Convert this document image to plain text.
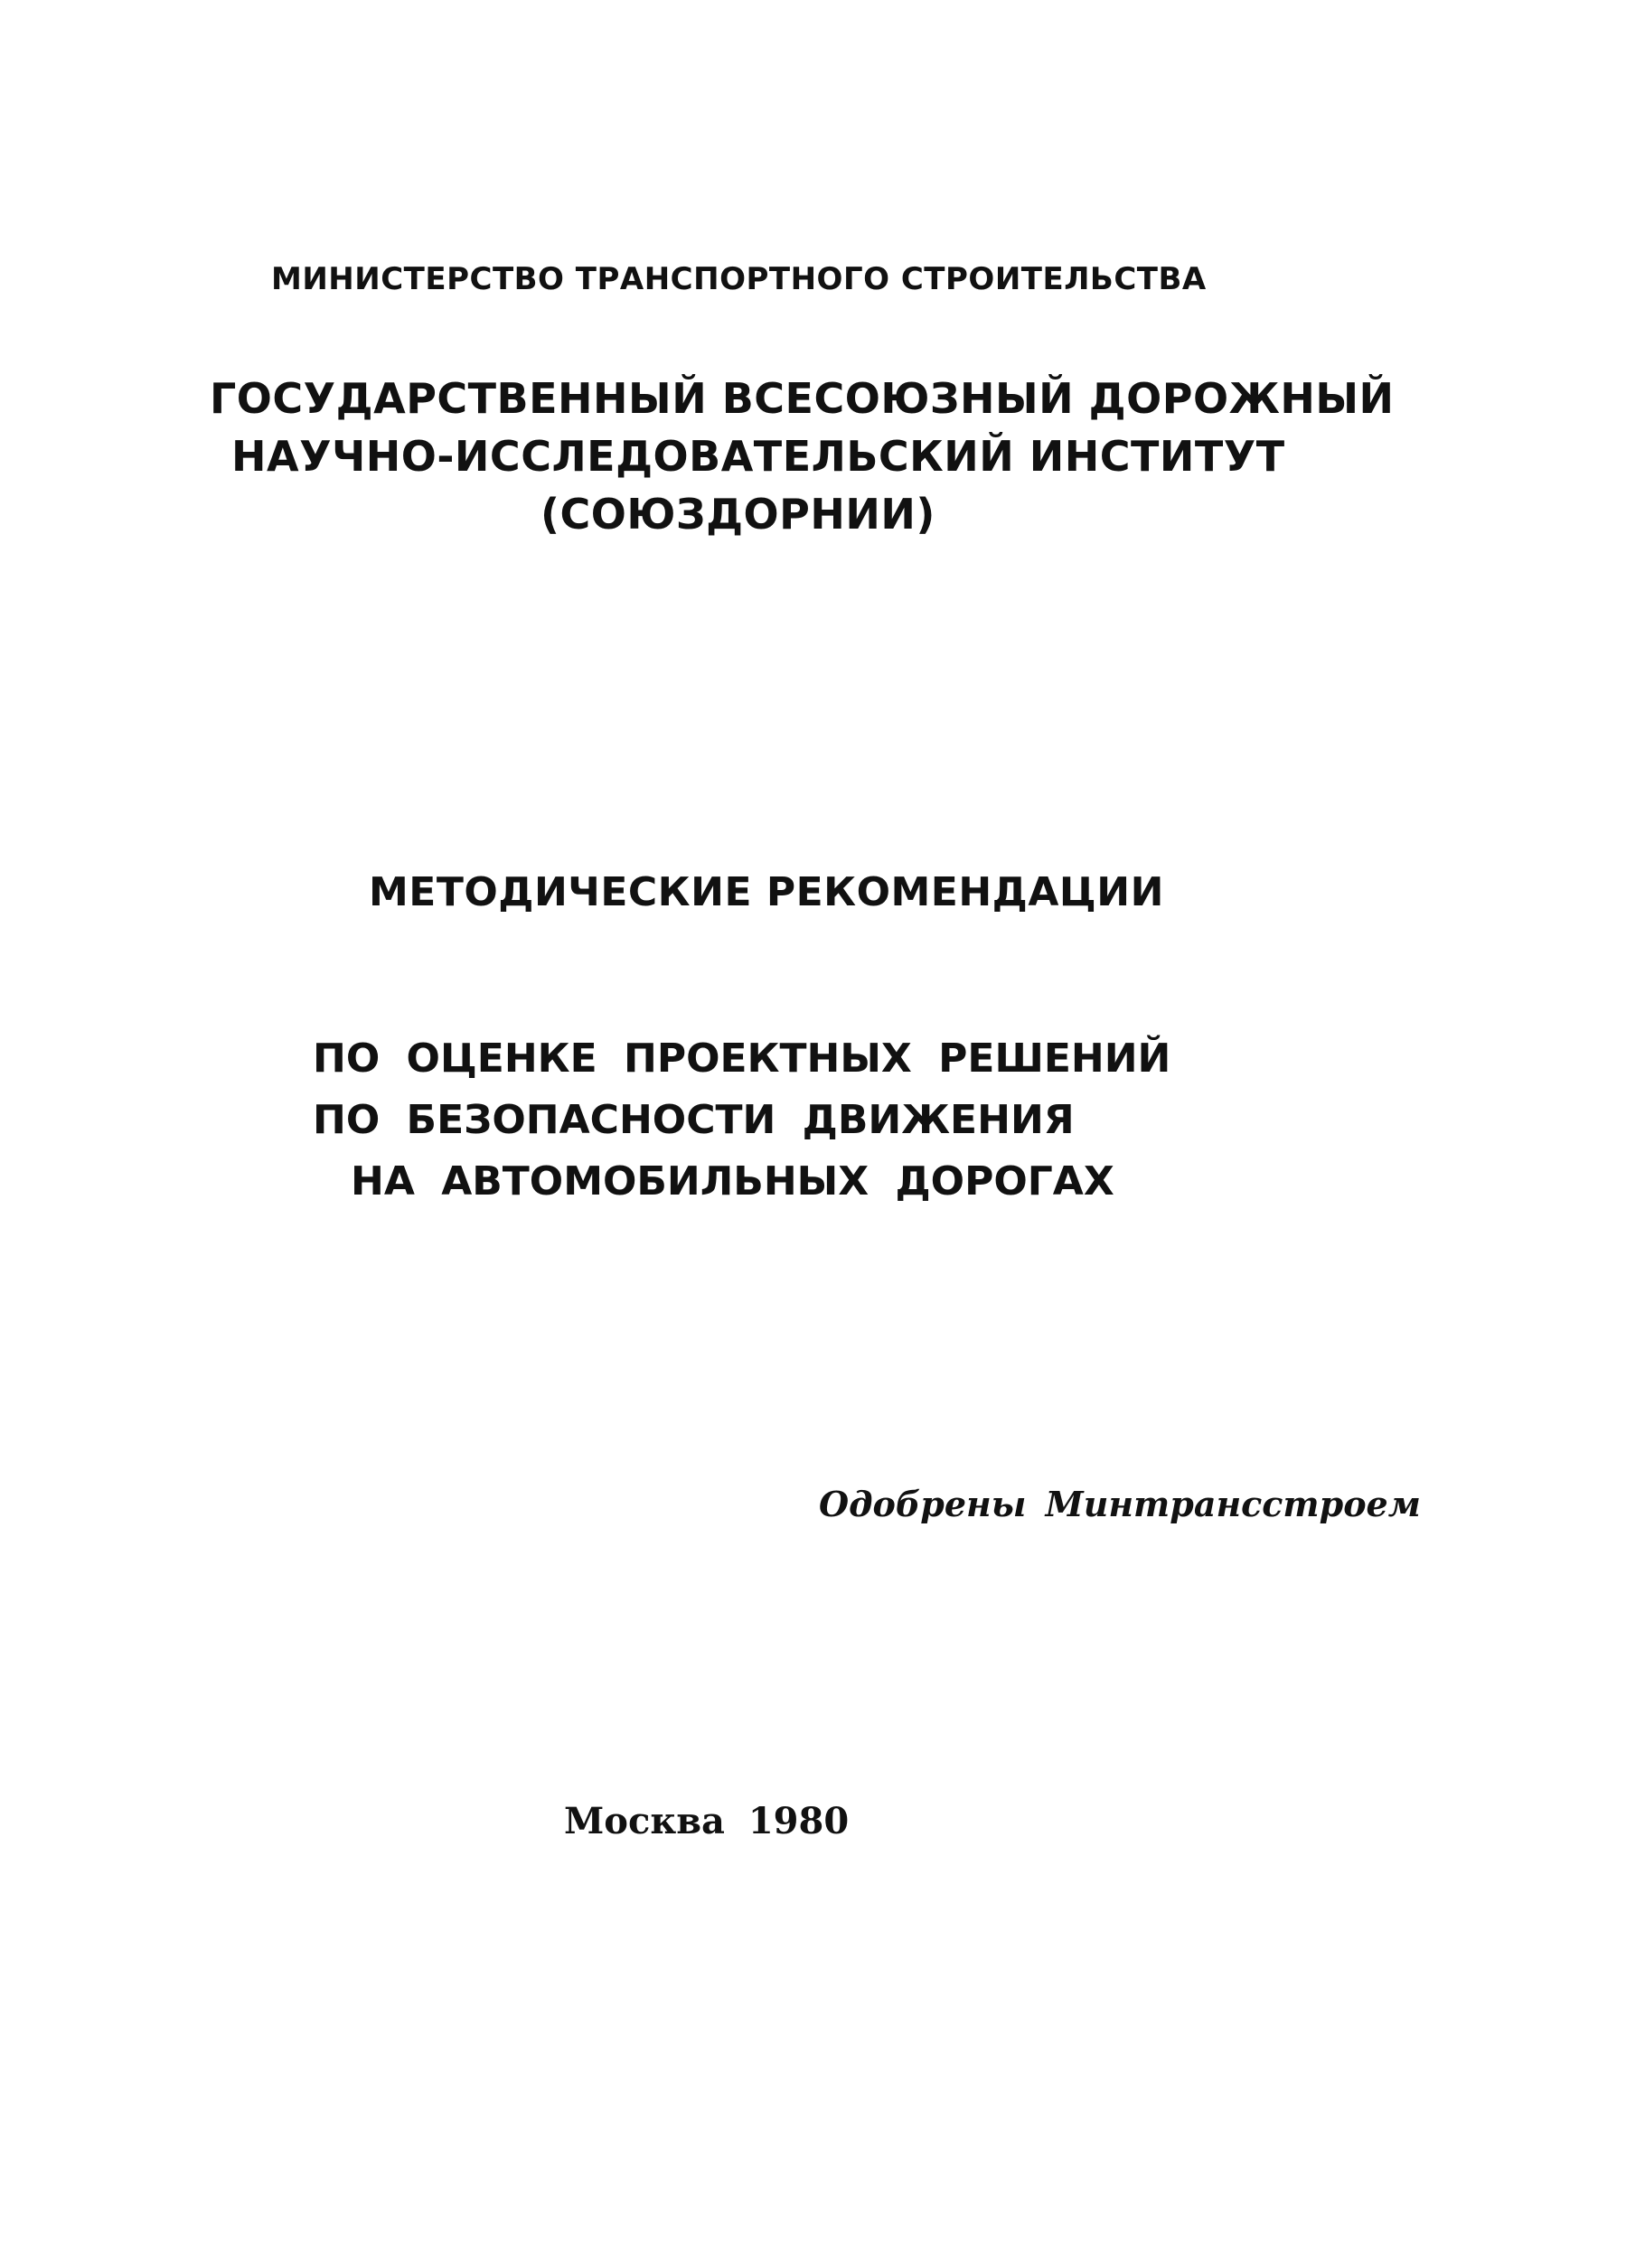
МИНИСТЕРСТВО ТРАНСПОРТНОГО СТРОИТЕЛЬСТВА
ГОСУДАРСТВЕННЫЙ ВСЕСОЮЗНЫЙ ДОРОЖНЫЙ
НАУЧНО-ИССЛЕДОВАТЕЛЬСКИЙ ИНСТИТУТ
(СОЮЗДОРНИИ)
МЕТОДИЧЕСКИЕ РЕКОМЕНДАЦИИ
ПО ОЦЕНКЕ ПРОЕКТНЫХ РЕШЕНИЙ
ПО БЕЗОПАСНОСТИ ДВИЖЕНИЯ
НА АВТОМОБИЛЬНЫХ ДОРОГАХ
Одобрены Минтрансстроем
Москва 1980
